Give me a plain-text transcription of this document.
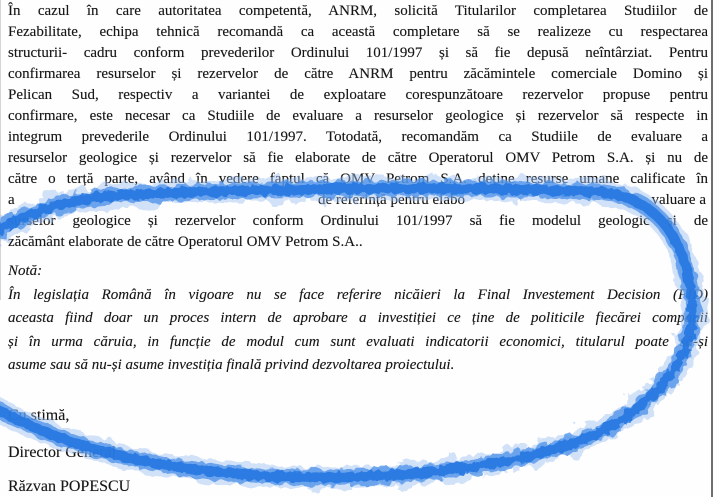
În cazul în care autoritatea competentă, ANRM, solicită Titularilor completarea Studiilor de
Fezabilitate, echipa tehnică recomandă ca această completare să se realizeze cu respectarea
structurii- cadru conform prevederilor Ordinului 101/1997 și să fie depusă neîntârziat. Pentru
confirmarea resurselor și rezervelor de către ANRM pentru zăcămintele comerciale Domino și
Pelican Sud, respectiv a variantei de exploatare corespunzătoare rezervelor propuse pentru
confirmare, este necesar ca Studiile de evaluare a resurselor geologice și rezervelor să respecte in
integrum prevederile Ordinului 101/1997. Totodată, recomandăm ca Studiile de evaluare a
resurselor geologice și rezervelor să fie elaborate de către Operatorul OMV Petrom S.A. și nu de
către o terță parte, având în vedere faptul că OMV Petrom S.A. deține resurse umane calificate în
a	de referință pentru elabo	valuare a
surselor geologice și rezervelor conform Ordinului 101/1997 să fie modelul geologic și de
zăcământ elaborate de către Operatorul OMV Petrom S.A..
Notă:
În legislația Română în vigoare nu se face referire nicăieri la Final Investement Decision (FID)
aceasta fiind doar un proces intern de aprobare a investiției ce ține de politicile fiecărei companii
și în urma căruia, in funcție de modul cum sunt evaluati indicatorii economici, titularul poate să-și
asume sau să nu-și asume investiția finală privind dezvoltarea proiectului.
Cu stimă,
Director General
Răzvan POPESCU
